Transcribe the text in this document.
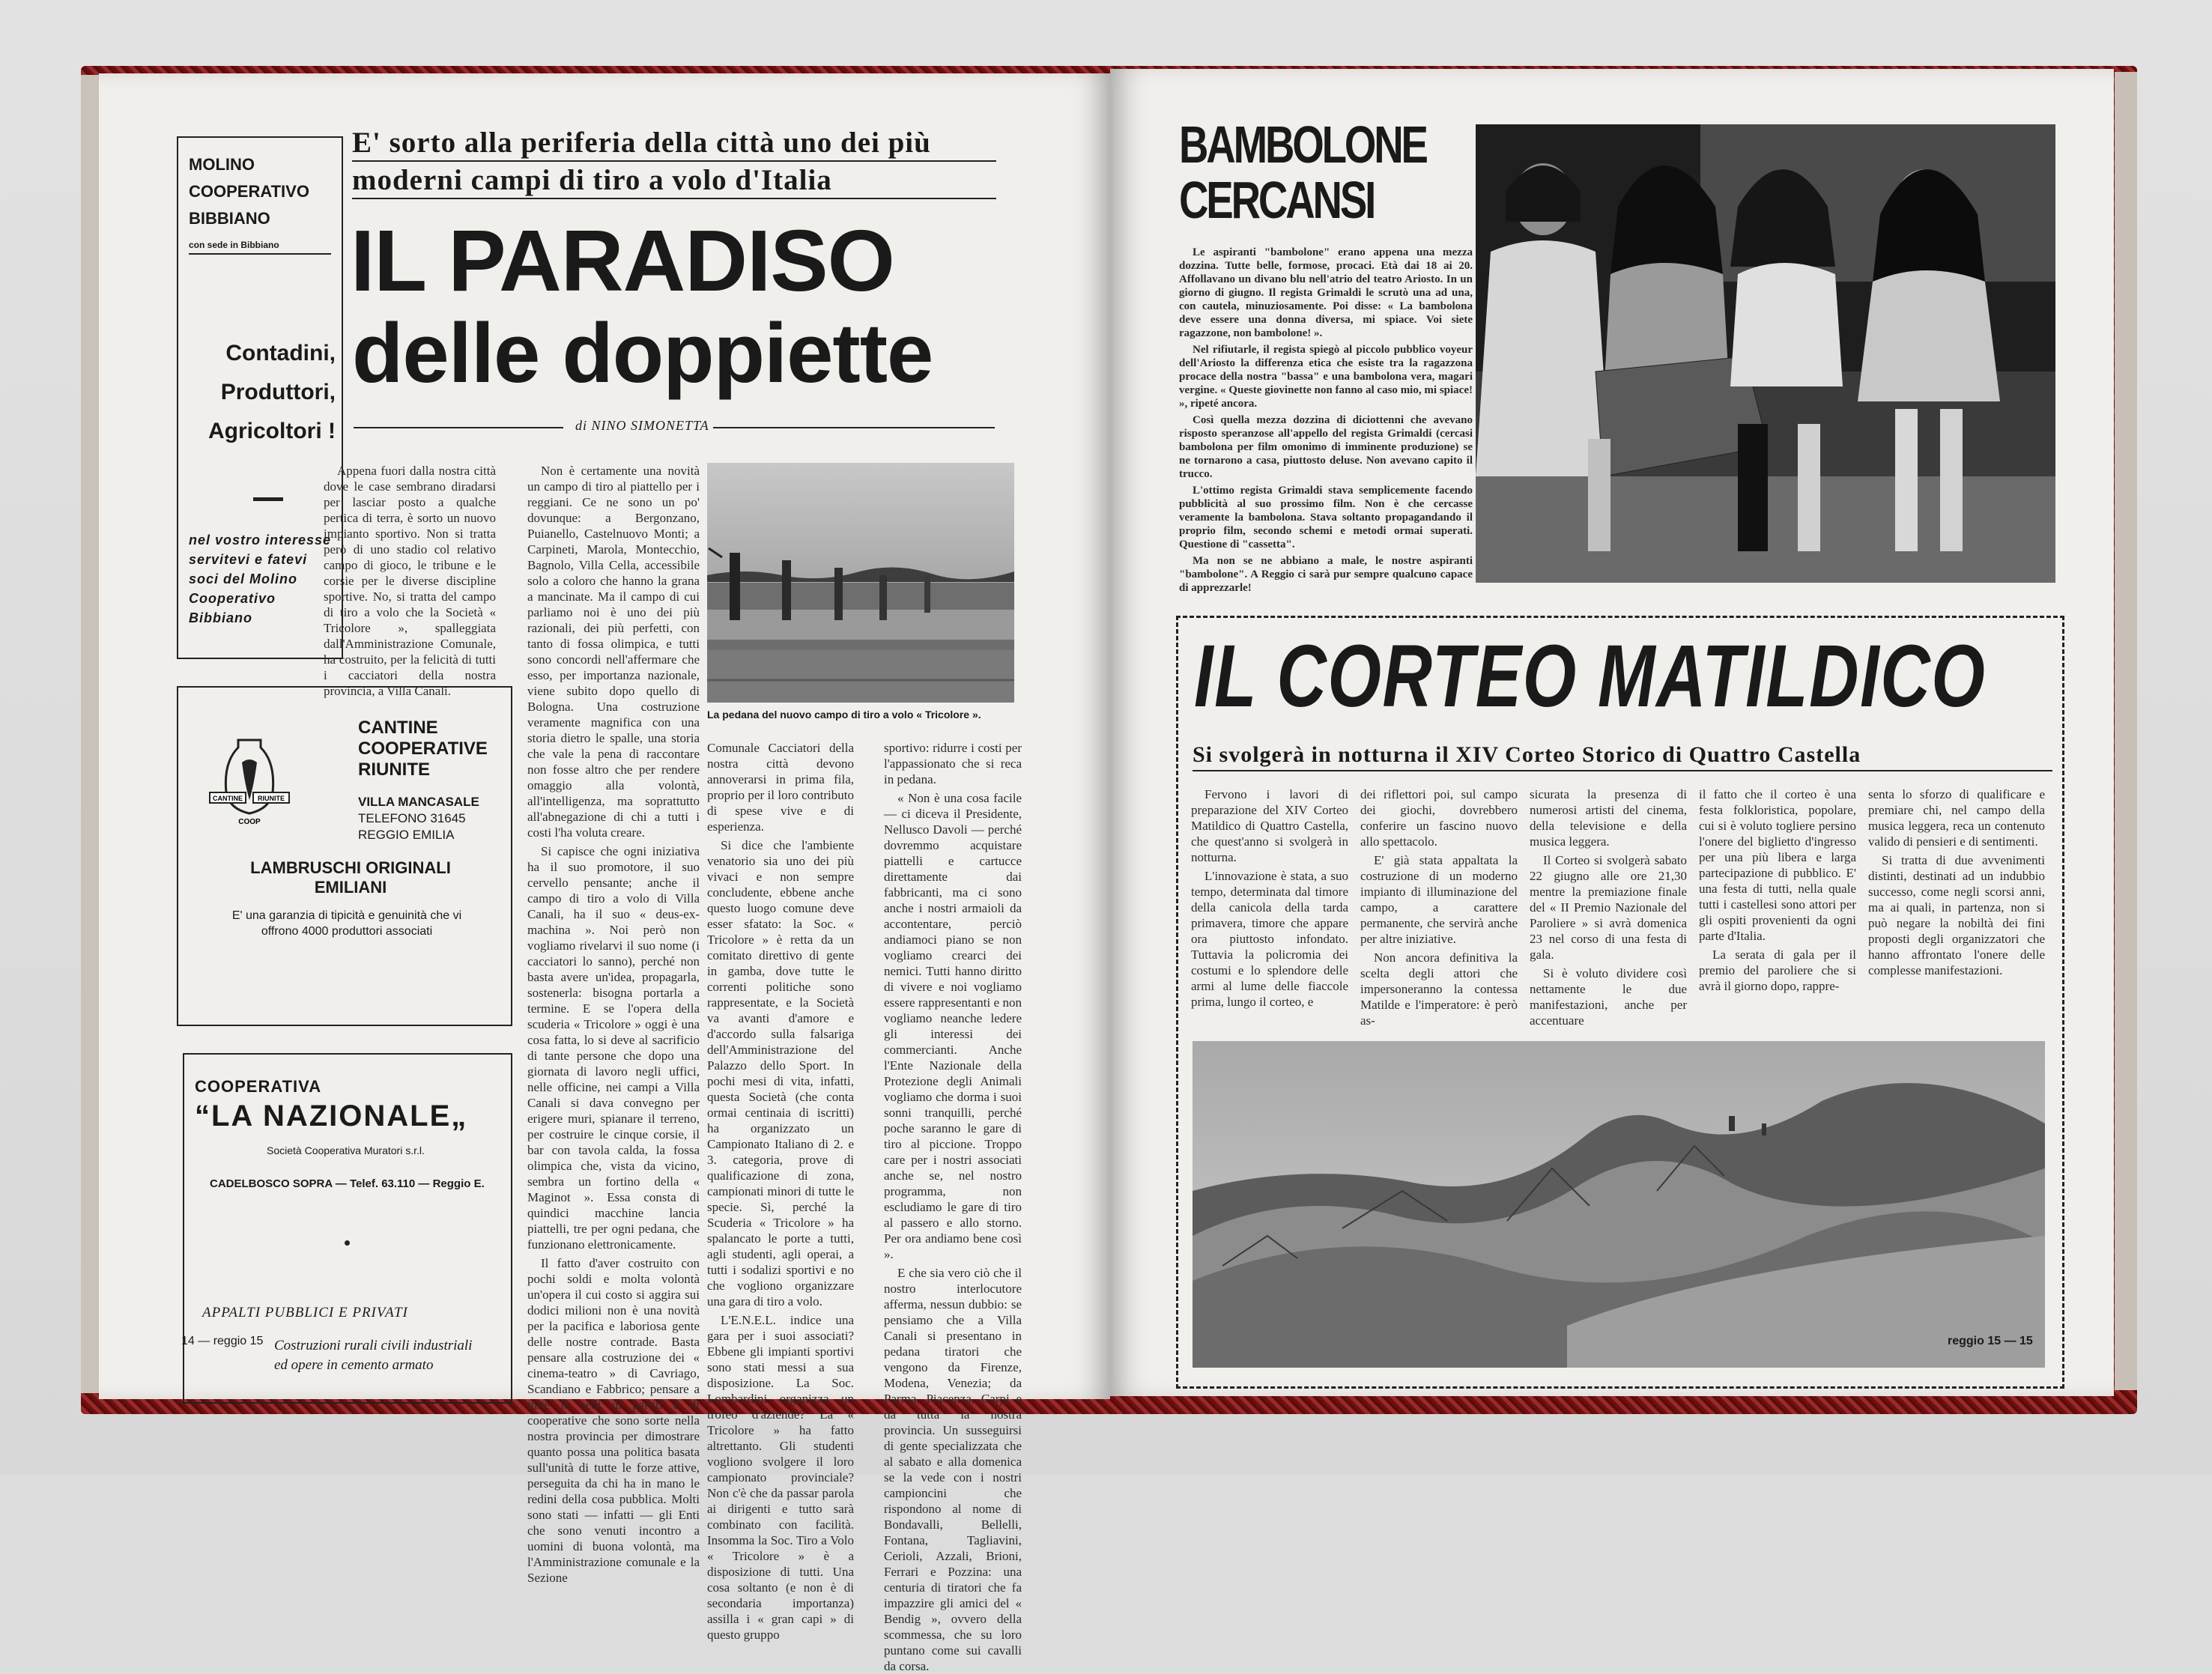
MOLINO
COOPERATIVO
BIBBIANO
con sede in Bibbiano
Contadini,
Produttori,
Agricoltori !
nel vostro interesse servitevi e fatevi soci del Molino Cooperativo Bibbiano
CANTINE RIUNITE
COOP
CANTINE
COOPERATIVE
RIUNITE
VILLA MANCASALE
TELEFONO 31645
REGGIO EMILIA
LAMBRUSCHI ORIGINALI EMILIANI
E' una garanzia di tipicità e genuinità che vi offrono 4000 produttori associati
COOPERATIVA
“LA NAZIONALE„
Società Cooperativa Muratori s.r.l.
CADELBOSCO SOPRA — Telef. 63.110 — Reggio E.
APPALTI PUBBLICI E PRIVATI
Costruzioni rurali civili industriali
ed opere in cemento armato
E' sorto alla periferia della città uno dei più moderni campi di tiro a volo d'Italia
IL PARADISO
delle doppiette
di NINO SIMONETTA

Appena fuori dalla nostra città dove le case sembrano diradarsi per lasciar posto a qualche pertica di terra, è sorto un nuovo impianto sportivo. Non si tratta però di uno stadio col relativo campo di gioco, le tribune e le corsie per le diverse discipline sportive. No, si tratta del campo di tiro a volo che la Società « Tricolore », spalleggiata dall'Amministrazione Comunale, ha costruito, per la felicità di tutti i cacciatori della nostra provincia, a Villa Canali.

Non è certamente una novità un campo di tiro al piattello per i reggiani. Ce ne sono un po' dovunque: a Bergonzano, Puianello, Castelnuovo Monti; a Carpineti, Marola, Montecchio, Bagnolo, Villa Cella, accessibile solo a coloro che hanno la grana a mancinate. Ma il campo di cui parliamo noi è uno dei più razionali, dei più perfetti, con tanto di fossa olimpica, e tutti sono concordi nell'affermare che esso, per importanza nazionale, viene subito dopo quello di Bologna. Una costruzione veramente magnifica con una storia dietro le spalle, una storia che vale la pena di raccontare non fosse altro che per rendere omaggio alla volontà, all'intelligenza, ma soprattutto all'abnegazione di chi a tutti i costi l'ha voluta creare.

Si capisce che ogni iniziativa ha il suo promotore, il suo cervello pensante; anche il campo di tiro a volo di Villa Canali, ha il suo « deus-ex-machina ». Noi però non vogliamo rivelarvi il suo nome (i cacciatori lo sanno), perché non basta avere un'idea, propagarla, sostenerla: bisogna portarla a termine. E se l'opera della scuderia « Tricolore » oggi è una cosa fatta, lo si deve al sacrificio di tante persone che dopo una giornata di lavoro negli uffici, nelle officine, nei campi a Villa Canali si dava convegno per erigere muri, spianare il terreno, per costruire le cinque corsie, il bar con tavola calda, la fossa olimpica che, vista da vicino, sembra un fortino della « Maginot ». Essa consta di quindici macchine lancia piattelli, tre per ogni pedana, che funzionano elettronicamente.

Il fatto d'aver costruito con pochi soldi e molta volontà un'opera il cui costo si aggira sui dodici milioni non è una novità per la pacifica e laboriosa gente delle nostre contrade. Basta pensare alla costruzione dei « cinema-teatro » di Cavriago, Scandiano e Fabbrico; pensare a tutte le sedi di partiti e di cooperative che sono sorte nella nostra provincia per dimostrare quanto possa una politica basata sull'unità di tutte le forze attive, perseguita da chi ha in mano le redini della cosa pubblica. Molti sono stati — infatti — gli Enti che sono venuti incontro a uomini di buona volontà, ma l'Amministrazione comunale e la Sezione

La pedana del nuovo campo di tiro a volo « Tricolore ».

Comunale Cacciatori della nostra città devono annoverarsi in prima fila, proprio per il loro contributo di spese vive e di esperienza.

Si dice che l'ambiente venatorio sia uno dei più vivaci e non sempre concludente, ebbene anche questo luogo comune deve esser sfatato: la Soc. « Tricolore » è retta da un comitato direttivo di gente in gamba, dove tutte le correnti politiche sono rappresentate, e la Società va avanti d'amore e d'accordo sulla falsariga dell'Amministrazione del Palazzo dello Sport. In pochi mesi di vita, infatti, questa Società (che conta ormai centinaia di iscritti) ha organizzato un Campionato Italiano di 2. e 3. categoria, prove di qualificazione di zona, campionati minori di tutte le specie. Sì, perché la Scuderia « Tricolore » ha spalancato le porte a tutti, agli studenti, agli operai, a tutti i sodalizi sportivi e no che vogliono organizzare una gara di tiro a volo.

L'E.N.E.L. indice una gara per i suoi associati? Ebbene gli impianti sportivi sono stati messi a sua disposizione. La Soc. Lombardini organizza un trofeo d'aziende? La « Tricolore » ha fatto altrettanto. Gli studenti vogliono svolgere il loro campionato provinciale? Non c'è che da passar parola ai dirigenti e tutto sarà combinato con facilità. Insomma la Soc. Tiro a Volo « Tricolore » è a disposizione di tutti. Una cosa soltanto (e non è di secondaria importanza) assilla i « gran capi » di questo gruppo

sportivo: ridurre i costi per l'appassionato che si reca in pedana.

« Non è una cosa facile — ci diceva il Presidente, Nellusco Davoli — perché dovremmo acquistare piattelli e cartucce direttamente dai fabbricanti, ma ci sono anche i nostri armaioli da accontentare, perciò andiamoci piano se non vogliamo crearci dei nemici. Tutti hanno diritto di vivere e noi vogliamo essere rappresentanti e non vogliamo neanche ledere gli interessi dei commercianti. Anche l'Ente Nazionale della Protezione degli Animali vogliamo che dorma i suoi sonni tranquilli, perché poche saranno le gare di tiro al piccione. Troppo care per i nostri associati anche se, nel nostro programma, non escludiamo le gare di tiro al passero e allo storno. Per ora andiamo bene così ».

E che sia vero ciò che il nostro interlocutore afferma, nessun dubbio: se pensiamo che a Villa Canali si presentano in pedana tiratori che vengono da Firenze, Modena, Venezia; da Parma, Piacenza, Carpi e da tutta la nostra provincia. Un susseguirsi di gente specializzata che al sabato e alla domenica se la vede con i nostri campioncini che rispondono al nome di Bondavalli, Bellelli, Fontana, Tagliavini, Cerioli, Azzali, Brioni, Ferrari e Pozzina: una centuria di tiratori che fa impazzire gli amici del « Bendig », ovvero della scommessa, che su loro puntano come sui cavalli da corsa.

14 — reggio 15
BAMBOLONE
CERCANSI

Le aspiranti "bambolone" erano appena una mezza dozzina. Tutte belle, formose, procaci. Età dai 18 ai 20. Affollavano un divano blu nell'atrio del teatro Ariosto. In un giorno di giugno. Il regista Grimaldi le scrutò una ad una, con cautela, minuziosamente. Poi disse: « La bambolona deve essere una donna diversa, mi spiace. Voi siete ragazzone, non bambolone! ».

Nel rifiutarle, il regista spiegò al piccolo pubblico voyeur dell'Ariosto la differenza etica che esiste tra la ragazzona procace della nostra "bassa" e una bambolona vera, magari vergine. « Queste giovinette non fanno al caso mio, mi spiace! », ripeté ancora.

Così quella mezza dozzina di diciottenni che avevano risposto speranzose all'appello del regista Grimaldi (cercasi bambolona per film omonimo di imminente produzione) se ne tornarono a casa, piuttosto deluse. Non avevano capito il trucco.

L'ottimo regista Grimaldi stava semplicemente facendo pubblicità al suo prossimo film. Non è che cercasse veramente la bambolona. Stava soltanto propagandando il proprio film, secondo schemi e metodi ormai superati. Questione di "cassetta".

Ma non se ne abbiano a male, le nostre aspiranti "bambolone". A Reggio ci sarà pur sempre qualcuno capace di apprezzarle!

IL CORTEO MATILDICO
Si svolgerà in notturna il XIV Corteo Storico di Quattro Castella

Fervono i lavori di preparazione del XIV Corteo Matildico di Quattro Castella, che quest'anno si svolgerà in notturna.

L'innovazione è stata, a suo tempo, determinata dal timore della canicola della tarda primavera, timore che appare ora piuttosto infondato. Tuttavia la policromia dei costumi e lo splendore delle armi al lume delle fiaccole prima, lungo il corteo, e

dei riflettori poi, sul campo dei giochi, dovrebbero conferire un fascino nuovo allo spettacolo.

E' già stata appaltata la costruzione di un moderno impianto di illuminazione del campo, a carattere permanente, che servirà anche per altre iniziative.

Non ancora definitiva la scelta degli attori che impersoneranno la contessa Matilde e l'imperatore: è però as-

sicurata la presenza di numerosi artisti del cinema, della televisione e della musica leggera.

Il Corteo si svolgerà sabato 22 giugno alle ore 21,30 mentre la premiazione finale del « II Premio Nazionale del Paroliere » si avrà domenica 23 nel corso di una festa di gala.

Si è voluto dividere così nettamente le due manifestazioni, anche per accentuare

il fatto che il corteo è una festa folkloristica, popolare, cui si è voluto togliere persino l'onere del biglietto d'ingresso per una più libera e larga partecipazione di pubblico. E' una festa di tutti, nella quale tutti i castellesi sono attori per gli ospiti provenienti da ogni parte d'Italia.

La serata di gala per il premio del paroliere che si avrà il giorno dopo, rappre-

senta lo sforzo di qualificare e premiare chi, nel campo della musica leggera, reca un contenuto valido di pensieri e di sentimenti.

Si tratta di due avvenimenti distinti, destinati ad un indubbio successo, come negli scorsi anni, ma ai quali, in partenza, non si può negare la nobiltà dei fini proposti degli organizzatori che hanno affrontato l'onere delle complesse manifestazioni.

reggio 15 — 15
